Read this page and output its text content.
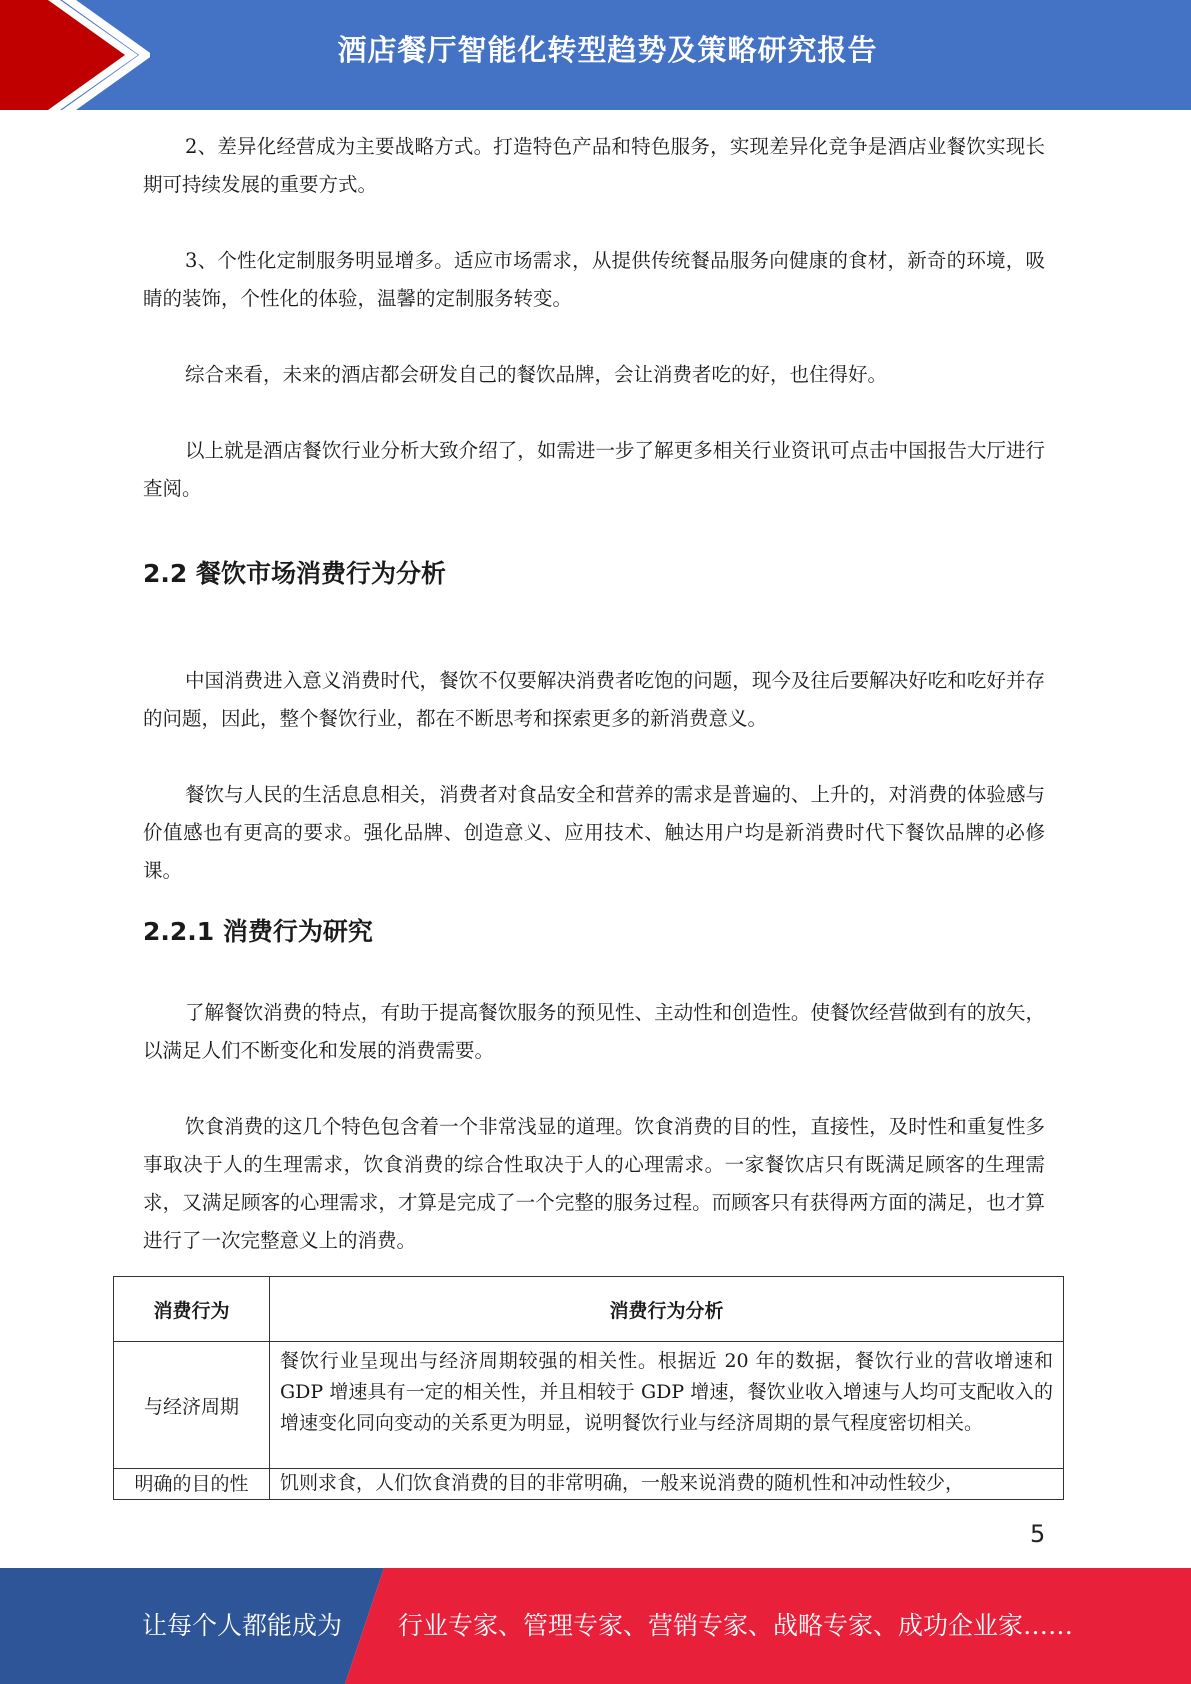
酒店餐厅智能化转型趋势及策略研究报告

2、差异化经营成为主要战略方式。打造特色产品和特色服务，实现差异化竞争是酒店业餐饮实现长期可持续发展的重要方式。

3、个性化定制服务明显增多。适应市场需求，从提供传统餐品服务向健康的食材，新奇的环境，吸睛的装饰，个性化的体验，温馨的定制服务转变。

综合来看，未来的酒店都会研发自己的餐饮品牌，会让消费者吃的好，也住得好。

以上就是酒店餐饮行业分析大致介绍了，如需进一步了解更多相关行业资讯可点击中国报告大厅进行查阅。

2.2 餐饮市场消费行为分析

中国消费进入意义消费时代，餐饮不仅要解决消费者吃饱的问题，现今及往后要解决好吃和吃好并存的问题，因此，整个餐饮行业，都在不断思考和探索更多的新消费意义。

餐饮与人民的生活息息相关，消费者对食品安全和营养的需求是普遍的、上升的，对消费的体验感与价值感也有更高的要求。强化品牌、创造意义、应用技术、触达用户均是新消费时代下餐饮品牌的必修课。

2.2.1 消费行为研究

了解餐饮消费的特点，有助于提高餐饮服务的预见性、主动性和创造性。使餐饮经营做到有的放矢，以满足人们不断变化和发展的消费需要。

饮食消费的这几个特色包含着一个非常浅显的道理。饮食消费的目的性，直接性，及时性和重复性多事取决于人的生理需求，饮食消费的综合性取决于人的心理需求。一家餐饮店只有既满足顾客的生理需求，又满足顾客的心理需求，才算是完成了一个完整的服务过程。而顾客只有获得两方面的满足，也才算进行了一次完整意义上的消费。

消费行为	消费行为分析
与经济周期	餐饮行业呈现出与经济周期较强的相关性。根据近 20 年的数据，餐饮行业的营收增速和 GDP 增速具有一定的相关性，并且相较于 GDP 增速，餐饮业收入增速与人均可支配收入的增速变化同向变动的关系更为明显，说明餐饮行业与经济周期的景气程度密切相关。
明确的目的性	饥则求食，人们饮食消费的目的非常明确，一般来说消费的随机性和冲动性较少，
5
让每个人都能成为 行业专家、管理专家、营销专家、战略专家、成功企业家……
